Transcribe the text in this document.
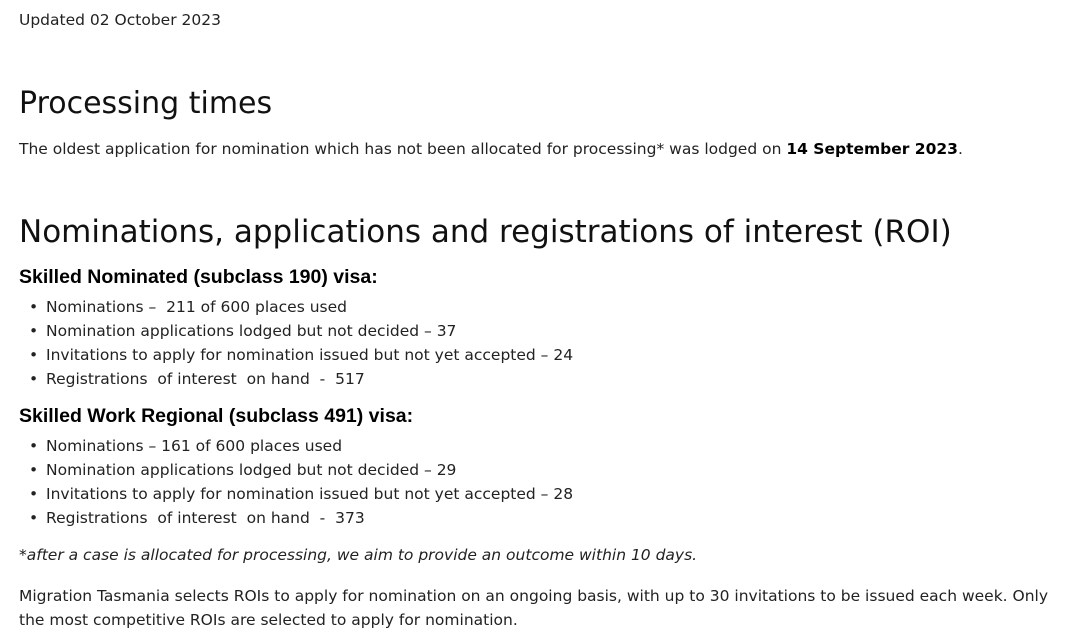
Updated 02 October 2023
Processing times

The oldest application for nomination which has not been allocated for processing* was lodged on 14 September 2023.

Nominations, applications and registrations of interest (ROI)
Skilled Nominated (subclass 190) visa:
• Nominations –  211 of 600 places used
• Nomination applications lodged but not decided – 37
• Invitations to apply for nomination issued but not yet accepted – 24
• Registrations  of interest  on hand  -  517
Skilled Work Regional (subclass 491) visa:
• Nominations – 161 of 600 places used
• Nomination applications lodged but not decided – 29
• Invitations to apply for nomination issued but not yet accepted – 28
• Registrations  of interest  on hand  -  373

*after a case is allocated for processing, we aim to provide an outcome within 10 days.

Migration Tasmania selects ROIs to apply for nomination on an ongoing basis, with up to 30 invitations to be issued each week. Only the most competitive ROIs are selected to apply for nomination.
